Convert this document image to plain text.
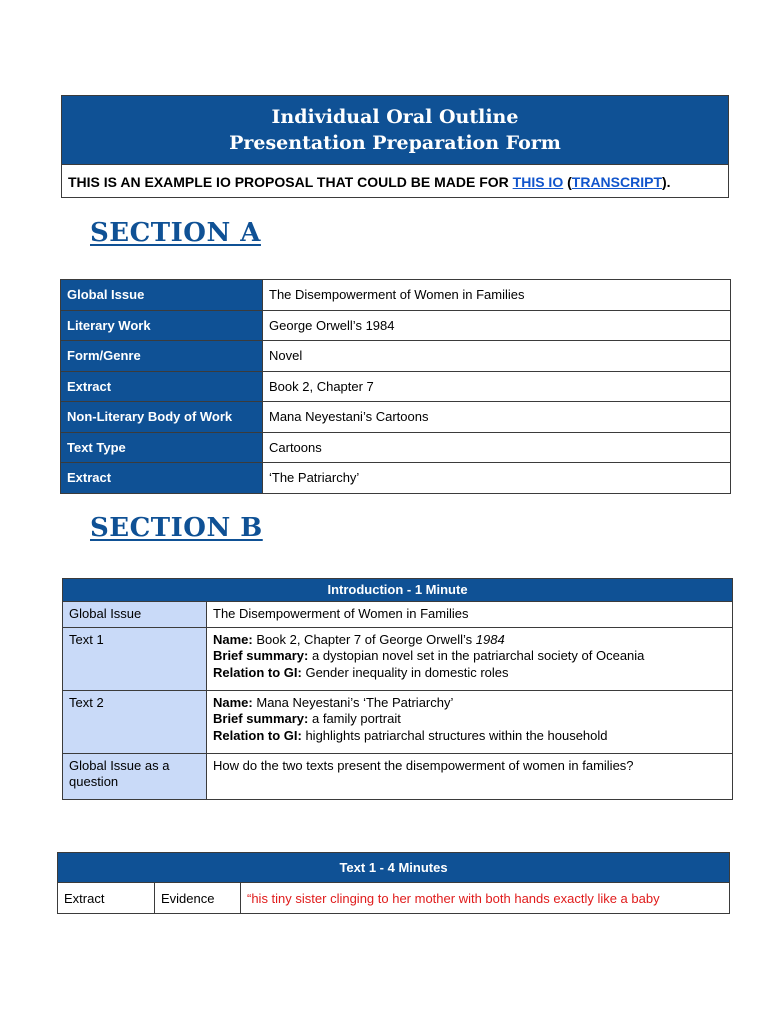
Individual Oral Outline
Presentation Preparation Form
THIS IS AN EXAMPLE IO PROPOSAL THAT COULD BE MADE FOR THIS IO (TRANSCRIPT).
SECTION A
Global Issue	The Disempowerment of Women in Families
Literary Work	George Orwell’s 1984
Form/Genre	Novel
Extract	Book 2, Chapter 7
Non-Literary Body of Work	Mana Neyestani’s Cartoons
Text Type	Cartoons
Extract	‘The Patriarchy’
SECTION B
Introduction - 1 Minute	
Global Issue	The Disempowerment of Women in Families
Text 1	Name: Book 2, Chapter 7 of George Orwell’s 1984
Brief summary: a dystopian novel set in the patriarchal society of Oceania
Relation to GI: Gender inequality in domestic roles

Text 2	Name: Mana Neyestani’s ‘The Patriarchy’
Brief summary: a family portrait
Relation to GI: highlights patriarchal structures within the household

Global Issue as a question	How do the two texts present the disempowerment of women in families?
Text 1 - 4 Minutes
Extract	Evidence	“his tiny sister clinging to her mother with both hands exactly like a baby
